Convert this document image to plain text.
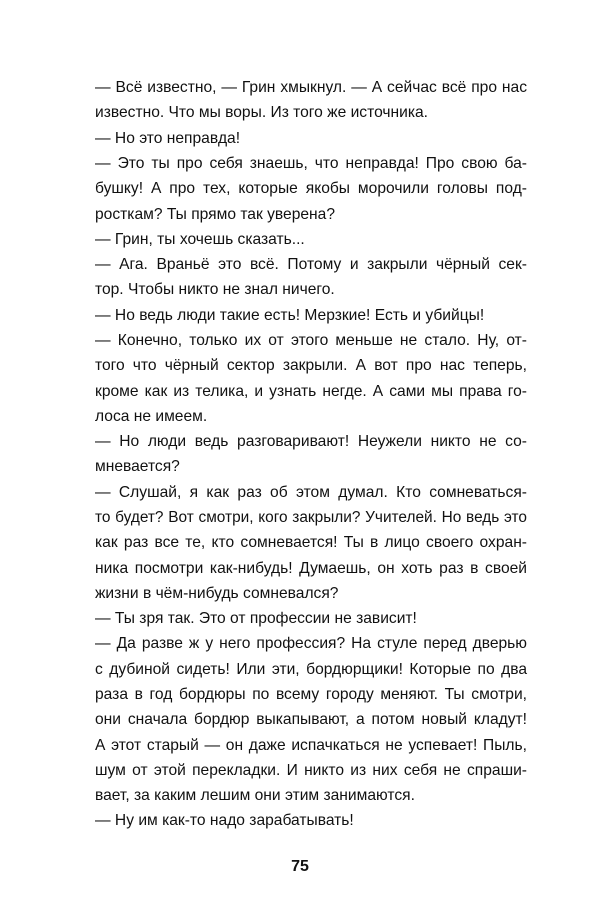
— Всё известно, — Грин хмыкнул. — А сейчас всё про нас
известно. Что мы воры. Из того же источника.
— Но это неправда!
— Это ты про себя знаешь, что неправда! Про свою ба-
бушку! А про тех, которые якобы морочили головы под-
росткам? Ты прямо так уверена?
— Грин, ты хочешь сказать...
— Ага. Враньё это всё. Потому и закрыли чёрный сек-
тор. Чтобы никто не знал ничего.
— Но ведь люди такие есть! Мерзкие! Есть и убийцы!
— Конечно, только их от этого меньше не стало. Ну, от-
того что чёрный сектор закрыли. А вот про нас теперь,
кроме как из телика, и узнать негде. А сами мы права го-
лоса не имеем.
— Но люди ведь разговаривают! Неужели никто не со-
мневается?
— Слушай, я как раз об этом думал. Кто сомневаться-
то будет? Вот смотри, кого закрыли? Учителей. Но ведь это
как раз все те, кто сомневается! Ты в лицо своего охран-
ника посмотри как-нибудь! Думаешь, он хоть раз в своей
жизни в чём-нибудь сомневался?
— Ты зря так. Это от профессии не зависит!
— Да разве ж у него профессия? На стуле перед дверью
с дубиной сидеть! Или эти, бордюрщики! Которые по два
раза в год бордюры по всему городу меняют. Ты смотри,
они сначала бордюр выкапывают, а потом новый кладут!
А этот старый — он даже испачкаться не успевает! Пыль,
шум от этой перекладки. И никто из них себя не спраши-
вает, за каким лешим они этим занимаются.
— Ну им как-то надо зарабатывать!
75
